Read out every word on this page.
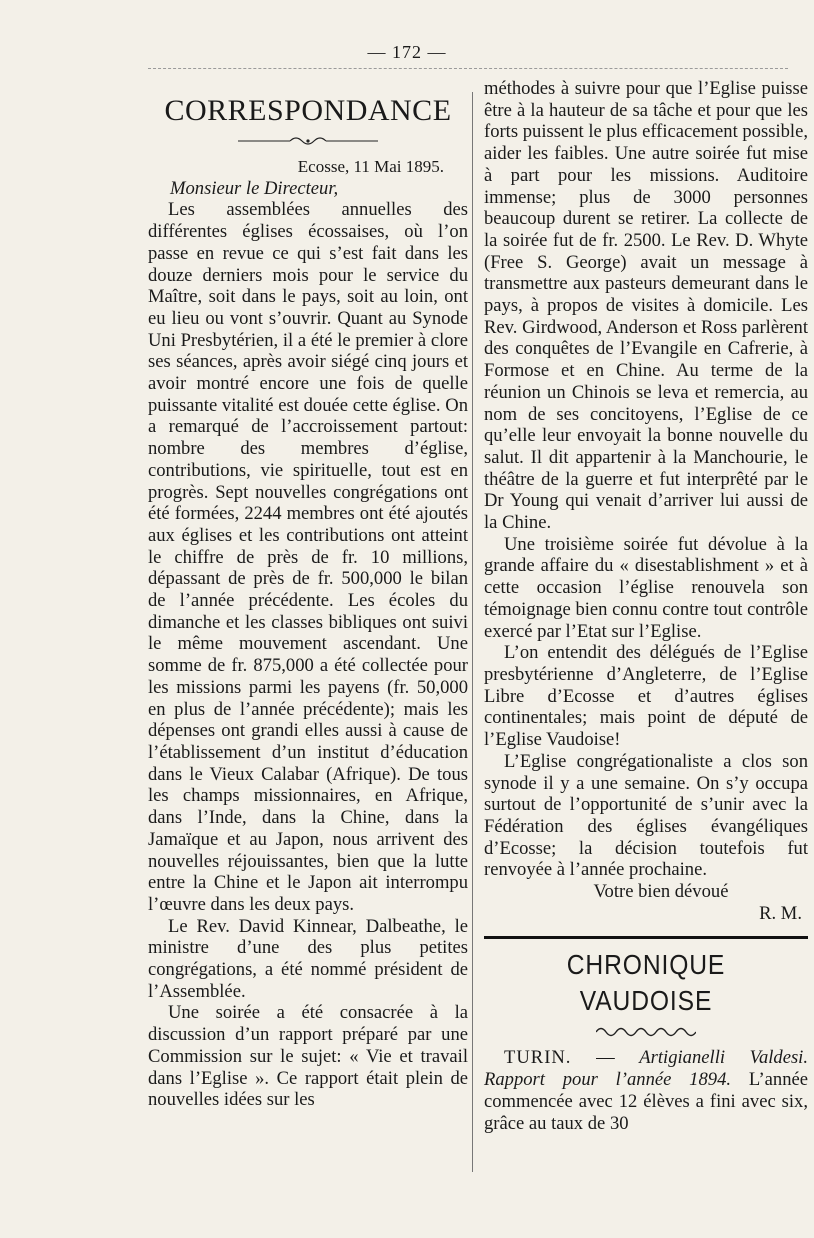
— 172 —
CORRESPONDANCE
Ecosse, 11 Mai 1895.
Monsieur le Directeur,

Les assemblées annuelles des différentes églises écossaises, où l’on passe en revue ce qui s’est fait dans les douze derniers mois pour le service du Maître, soit dans le pays, soit au loin, ont eu lieu ou vont s’ouvrir. Quant au Synode Uni Presbytérien, il a été le premier à clore ses séances, après avoir siégé cinq jours et avoir montré encore une fois de quelle puissante vitalité est douée cette église. On a remarqué de l’accroissement partout: nombre des membres d’église, contributions, vie spirituelle, tout est en progrès. Sept nouvelles congrégations ont été formées, 2244 membres ont été ajoutés aux églises et les contributions ont atteint le chiffre de près de fr. 10 millions, dépassant de près de fr. 500,000 le bilan de l’année précédente. Les écoles du dimanche et les classes bibliques ont suivi le même mouvement ascendant. Une somme de fr. 875,000 a été collectée pour les missions parmi les payens (fr. 50,000 en plus de l’année précédente); mais les dépenses ont grandi elles aussi à cause de l’établissement d’un institut d’éducation dans le Vieux Calabar (Afrique). De tous les champs missionnaires, en Afrique, dans l’Inde, dans la Chine, dans la Jamaïque et au Japon, nous arrivent des nouvelles réjouissantes, bien que la lutte entre la Chine et le Japon ait interrompu l’œuvre dans les deux pays.

Le Rev. David Kinnear, Dalbeathe, le ministre d’une des plus petites congrégations, a été nommé président de l’Assemblée.

Une soirée a été consacrée à la discussion d’un rapport préparé par une Commission sur le sujet: « Vie et travail dans l’Eglise ». Ce rapport était plein de nouvelles idées sur les

méthodes à suivre pour que l’Eglise puisse être à la hauteur de sa tâche et pour que les forts puissent le plus efficacement possible, aider les faibles. Une autre soirée fut mise à part pour les missions. Auditoire immense; plus de 3000 personnes beaucoup durent se retirer. La collecte de la soirée fut de fr. 2500. Le Rev. D. Whyte (Free S. George) avait un message à transmettre aux pasteurs demeurant dans le pays, à propos de visites à domicile. Les Rev. Girdwood, Anderson et Ross parlèrent des conquêtes de l’Evangile en Cafrerie, à Formose et en Chine. Au terme de la réunion un Chinois se leva et remercia, au nom de ses concitoyens, l’Eglise de ce qu’elle leur envoyait la bonne nouvelle du salut. Il dit appartenir à la Manchourie, le théâtre de la guerre et fut interprêté par le Dr Young qui venait d’arriver lui aussi de la Chine.

Une troisième soirée fut dévolue à la grande affaire du « disestablishment » et à cette occasion l’église renouvela son témoignage bien connu contre tout contrôle exercé par l’Etat sur l’Eglise.

L’on entendit des délégués de l’Eglise presbytérienne d’Angleterre, de l’Eglise Libre d’Ecosse et d’autres églises continentales; mais point de député de l’Eglise Vaudoise!

L’Eglise congrégationaliste a clos son synode il y a une semaine. On s’y occupa surtout de l’opportunité de s’unir avec la Fédération des églises évangéliques d’Ecosse; la décision toutefois fut renvoyée à l’année prochaine.

Votre bien dévoué
R. M.
CHRONIQUE VAUDOISE

TURIN. — Artigianelli Valdesi. Rapport pour l’année 1894. L’année commencée avec 12 élèves a fini avec six, grâce au taux de 30
